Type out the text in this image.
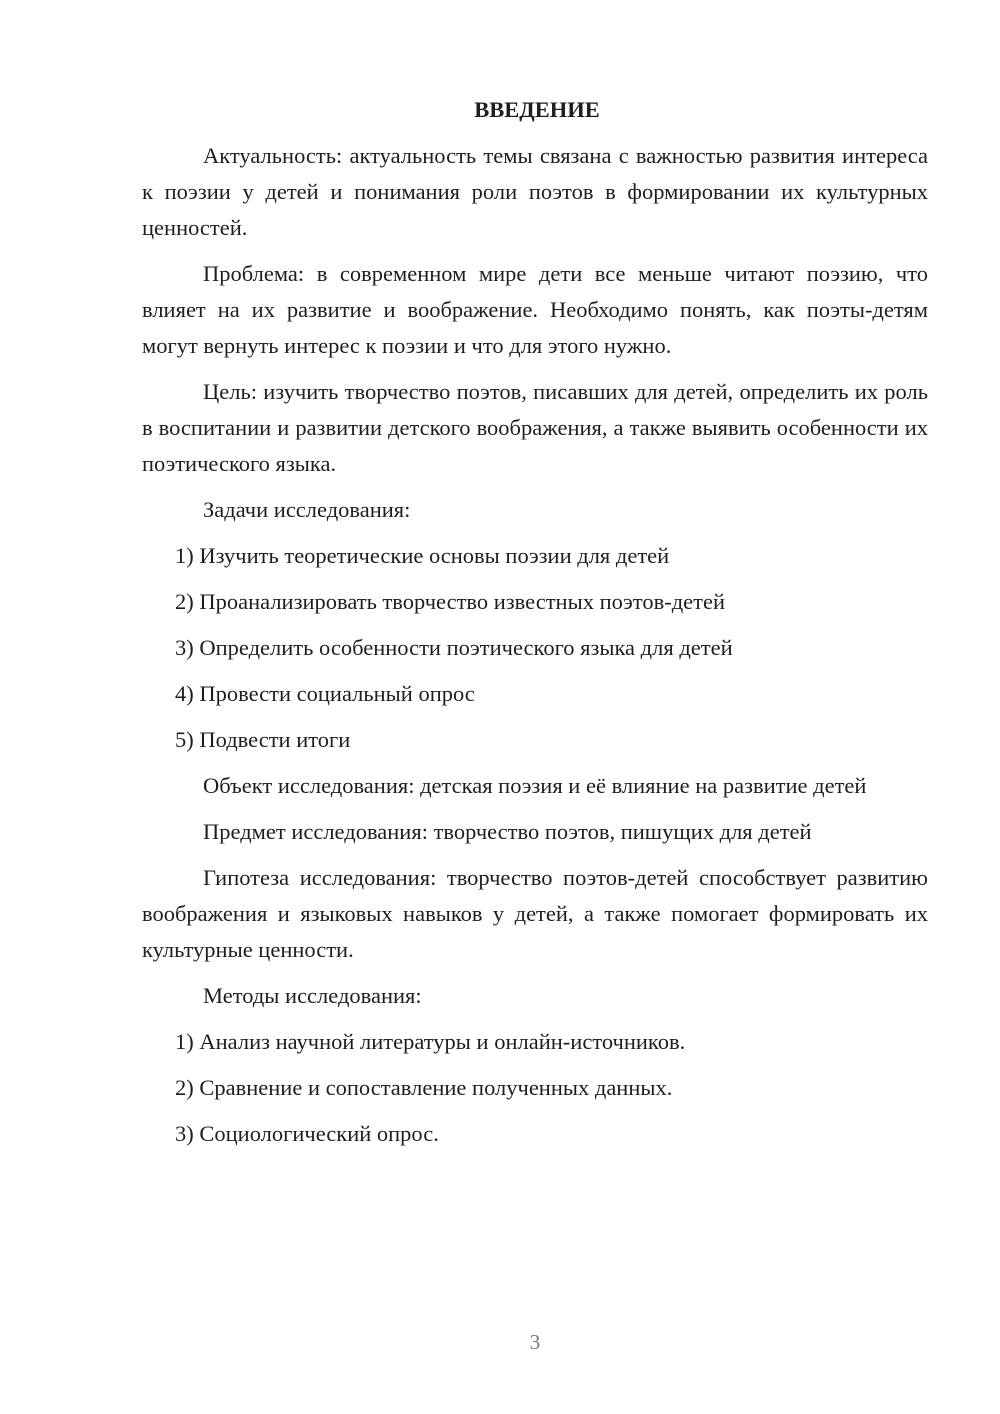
ВВЕДЕНИЕ

Актуальность: актуальность темы связана с важностью развития интереса к поэзии у детей и понимания роли поэтов в формировании их культурных ценностей.

Проблема: в современном мире дети все меньше читают поэзию, что влияет на их развитие и воображение. Необходимо понять, как поэты-детям могут вернуть интерес к поэзии и что для этого нужно.

Цель: изучить творчество поэтов, писавших для детей, определить их роль в воспитании и развитии детского воображения, а также выявить особенности их поэтического языка.

Задачи исследования:

1) Изучить теоретические основы поэзии для детей
2) Проанализировать творчество известных поэтов-детей
3) Определить особенности поэтического языка для детей
4) Провести социальный опрос
5) Подвести итоги

Объект исследования: детская поэзия и её влияние на развитие детей

Предмет исследования: творчество поэтов, пишущих для детей

Гипотеза исследования: творчество поэтов-детей способствует развитию воображения и языковых навыков у детей, а также помогает формировать их культурные ценности.

Методы исследования:

1) Анализ научной литературы и онлайн-источников.
2) Сравнение и сопоставление полученных данных.
3) Социологический опрос.
3
